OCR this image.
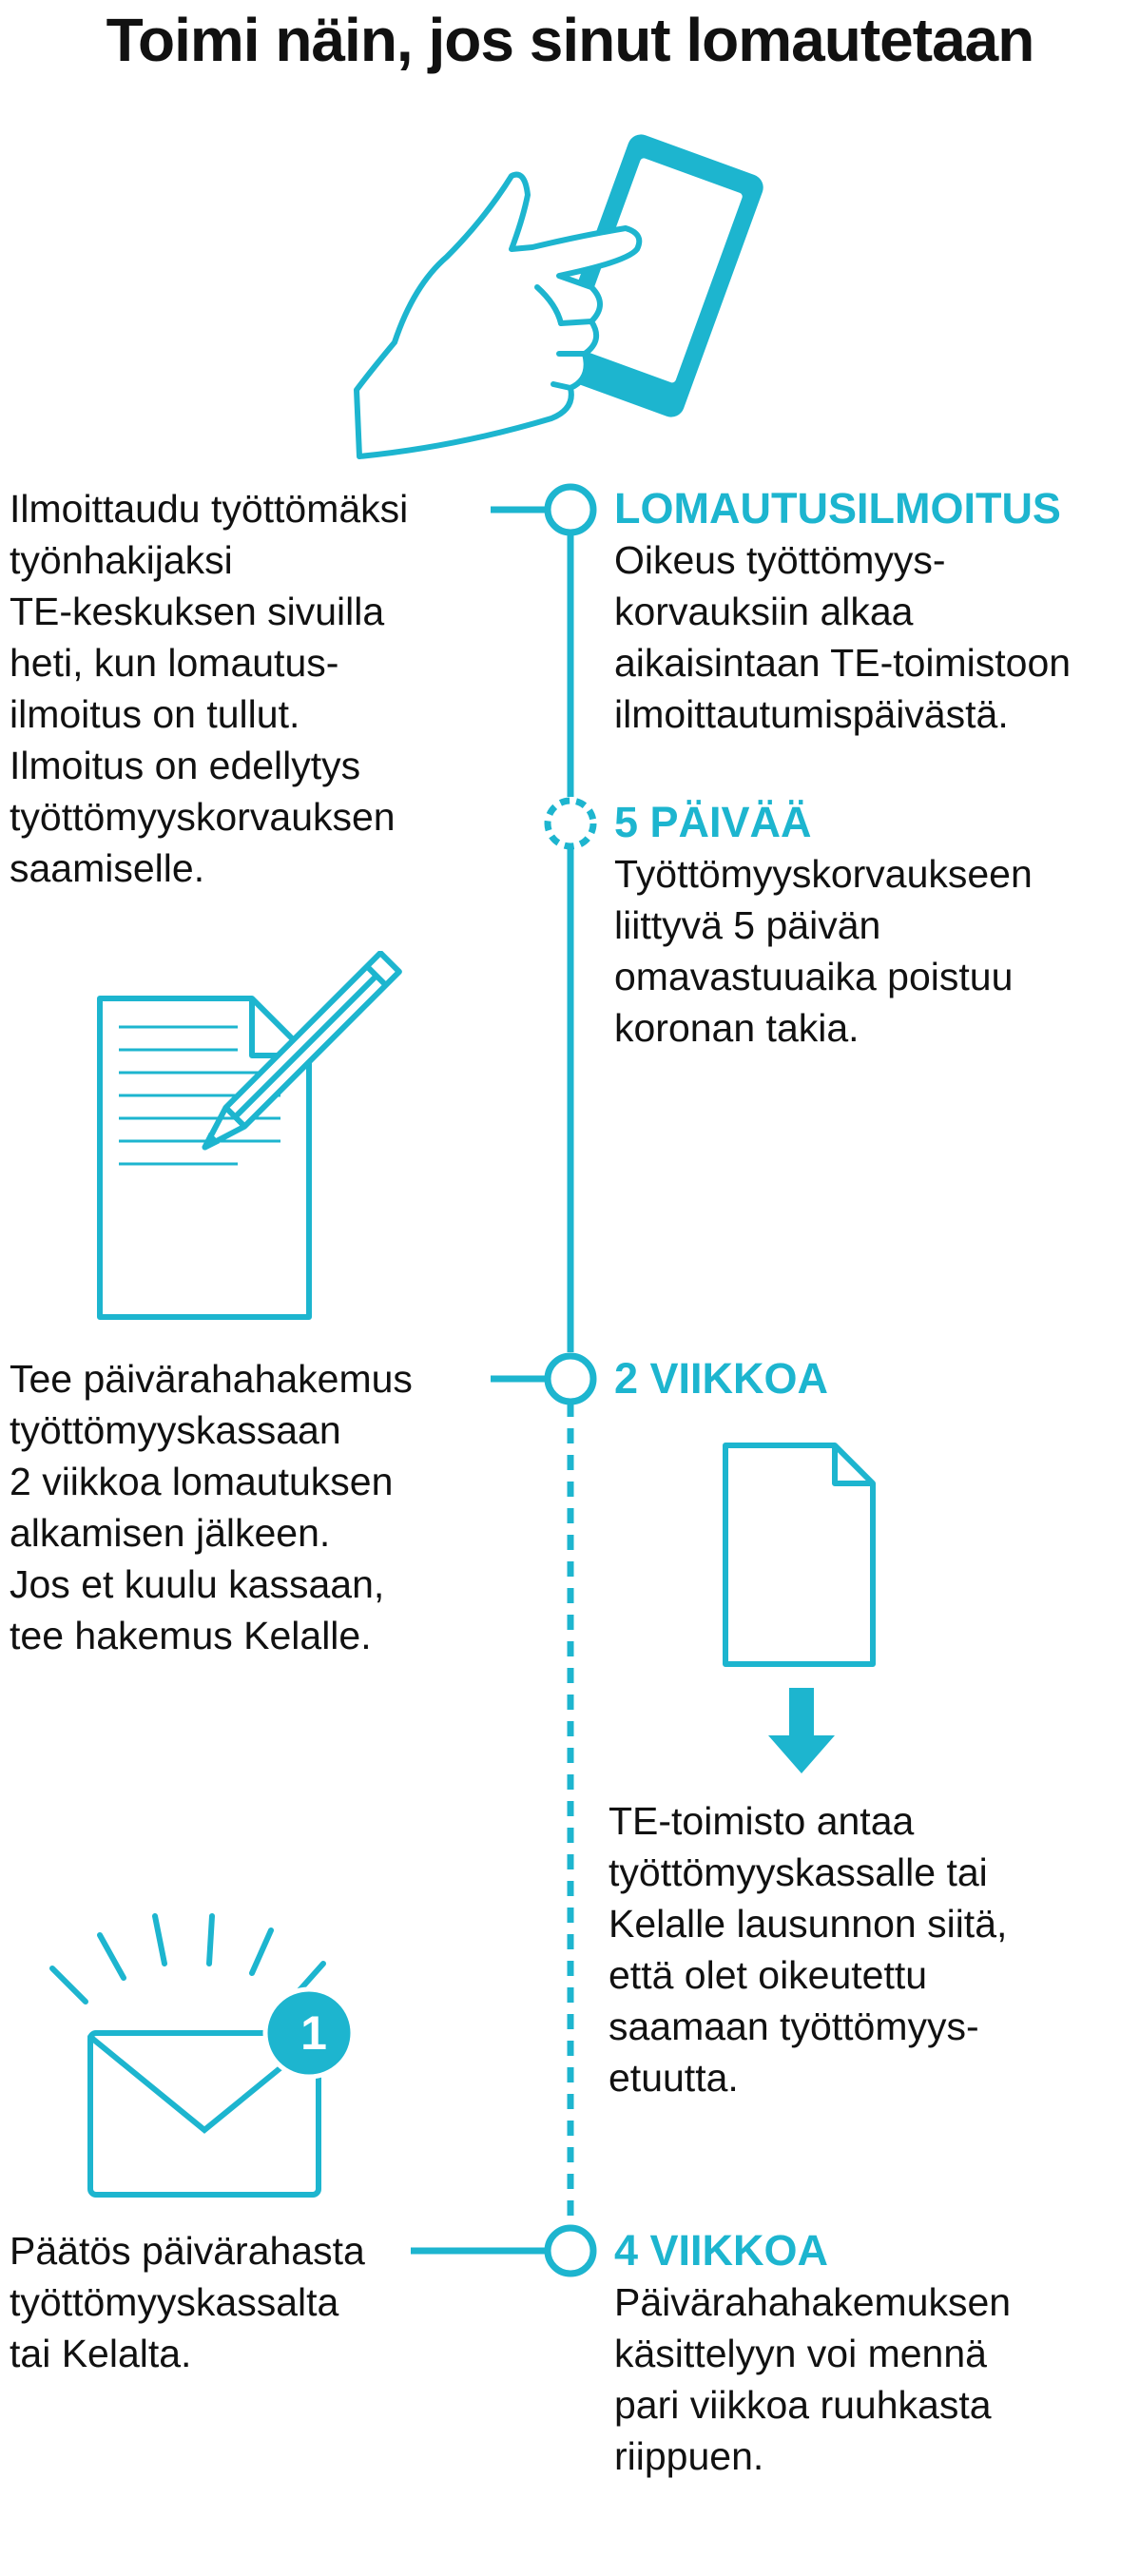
Toimi näin, jos sinut lomautetaan
1
Ilmoittaudu työttömäksi
työnhakijaksi
TE-keskuksen sivuilla
heti, kun lomautus-
ilmoitus on tullut.
Ilmoitus on edellytys
työttömyyskorvauksen
saamiselle.
LOMAUTUSILMOITUS
Oikeus työttömyys-
korvauksiin alkaa
aikaisintaan TE-toimistoon
ilmoittautumispäivästä.
5 PÄIVÄÄ
Työttömyyskorvaukseen
liittyvä 5 päivän
omavastuuaika poistuu
koronan takia.
Tee päivärahahakemus
työttömyyskassaan
2 viikkoa lomautuksen
alkamisen jälkeen.
Jos et kuulu kassaan,
tee hakemus Kelalle.
2 VIIKKOA
TE-toimisto antaa
työttömyyskassalle tai
Kelalle lausunnon siitä,
että olet oikeutettu
saamaan työttömyys-
etuutta.
Päätös päivärahasta
työttömyyskassalta
tai Kelalta.
4 VIIKKOA
Päivärahahakemuksen
käsittelyyn voi mennä
pari viikkoa ruuhkasta
riippuen.
